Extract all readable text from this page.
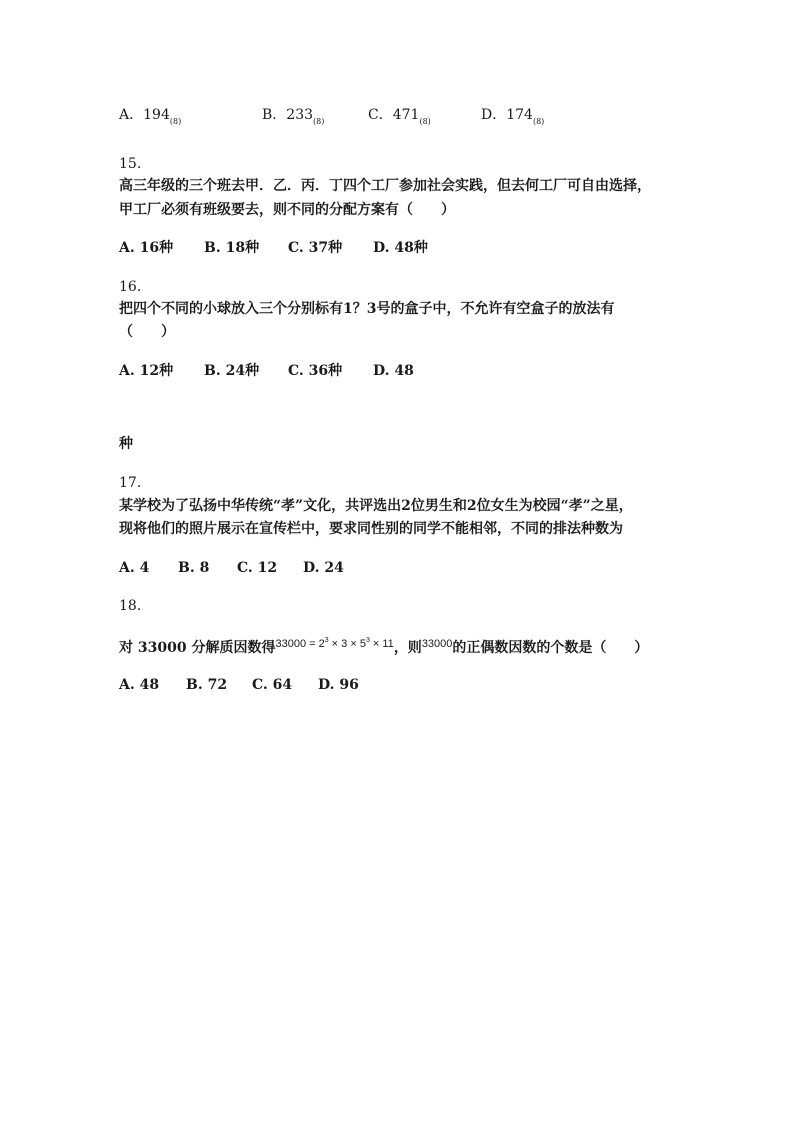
A．$194_{(8)}$	B．$233_{(8)}$	C．$471_{(8)}$	D．$174_{(8)}$
15.
高三年级的三个班去甲．乙．丙．丁四个工厂参加社会实践，但去何工厂可自由选择，
甲工厂必须有班级要去，则不同的分配方案有（　　）
A. 16种 B. 18种 C. 37种 D. 48种
16.
把四个不同的小球放入三个分别标有1？3号的盒子中，不允许有空盒子的放法有
（　　）
A. 12种 B. 24种 C. 36种 D. 48
种
17.
某学校为了弘扬中华传统“孝”文化，共评选出2位男生和2位女生为校园“孝”之星，
现将他们的照片展示在宣传栏中，要求同性别的同学不能相邻，不同的排法种数为
A. 4 B. 8 C. 12 D. 24
18.
对 33000 分解质因数得$^{33000 = 2^3 \times 3 \times 5^3 \times 11}$，则$^{33000}$的正偶数因数的个数是（　　）
A. 48 B. 72 C. 64 D. 96
